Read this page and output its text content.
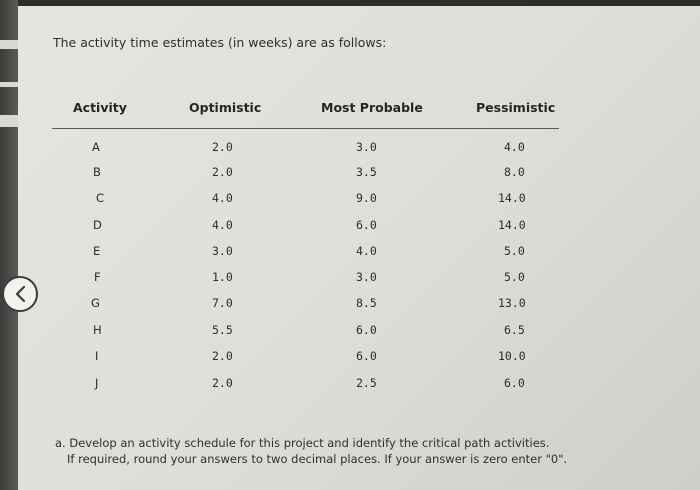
The activity time estimates (in weeks) are as follows:
Activity	Optimistic	Most Probable	Pessimistic
A	2.0	3.0	4.0
B	2.0	3.5	8.0
C	4.0	9.0	14.0
D	4.0	6.0	14.0
E	3.0	4.0	5.0
F	1.0	3.0	5.0
G	7.0	8.5	13.0
H	5.5	6.0	6.5
I	2.0	6.0	10.0
J	2.0	2.5	6.0
a. Develop an activity schedule for this project and identify the critical path activities.
If required, round your answers to two decimal places. If your answer is zero enter "0".
